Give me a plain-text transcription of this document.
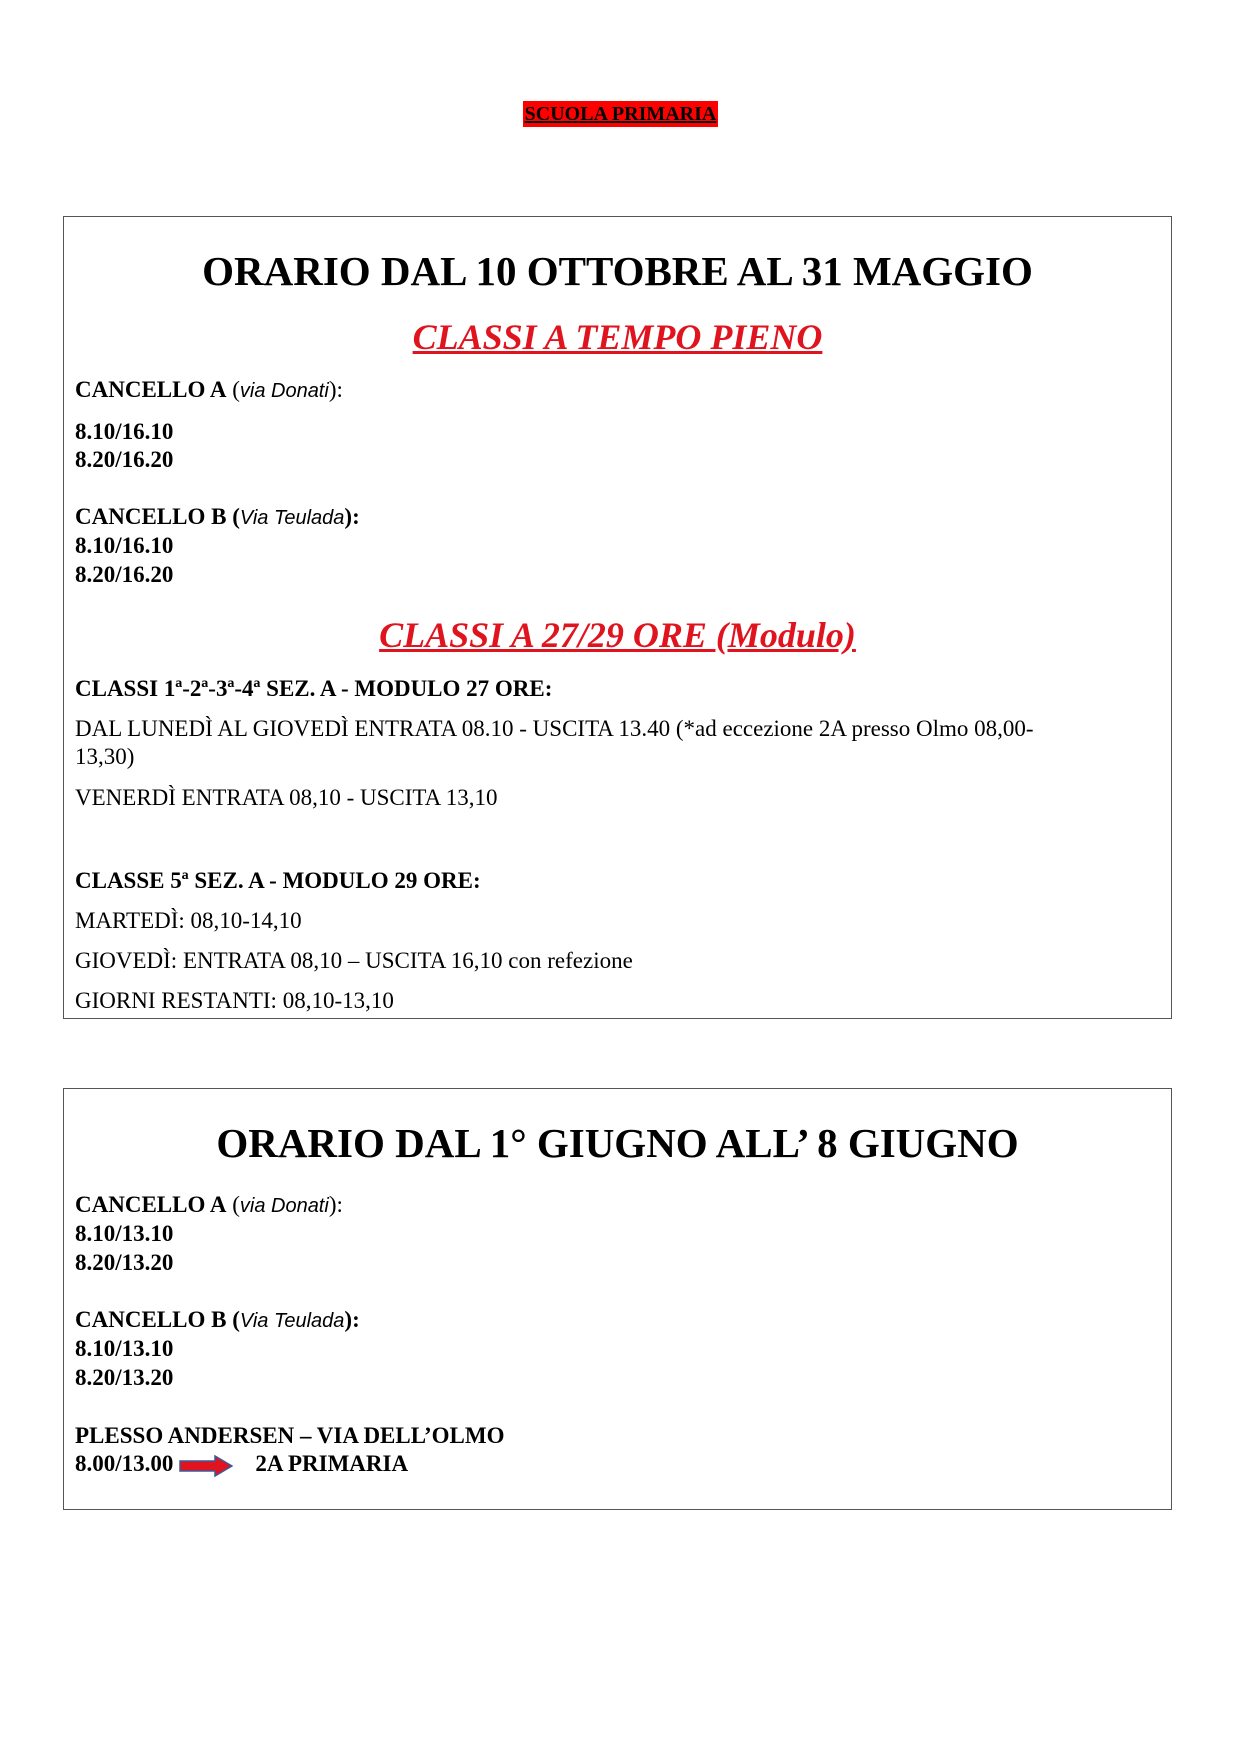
SCUOLA PRIMARIA
ORARIO DAL 10 OTTOBRE AL 31 MAGGIO
CLASSI A TEMPO PIENO
CANCELLO A (via Donati):
8.10/16.10
8.20/16.20
CANCELLO B (Via Teulada):
8.10/16.10
8.20/16.20
CLASSI A 27/29 ORE (Modulo)
CLASSI 1ª-2ª-3ª-4ª SEZ. A - MODULO 27 ORE:
DAL LUNEDÌ AL GIOVEDÌ ENTRATA 08.10 - USCITA 13.40 (*ad eccezione 2A presso Olmo 08,00-
13,30)
VENERDÌ ENTRATA 08,10 - USCITA 13,10
CLASSE 5ª SEZ. A - MODULO 29 ORE:
MARTEDÌ: 08,10-14,10
GIOVEDÌ: ENTRATA 08,10 – USCITA 16,10 con refezione
GIORNI RESTANTI: 08,10-13,10
ORARIO DAL 1° GIUGNO ALL’ 8 GIUGNO
CANCELLO A (via Donati):
8.10/13.10
8.20/13.20
CANCELLO B (Via Teulada):
8.10/13.10
8.20/13.20
PLESSO ANDERSEN – VIA DELL’OLMO
8.00/13.00	2A PRIMARIA
